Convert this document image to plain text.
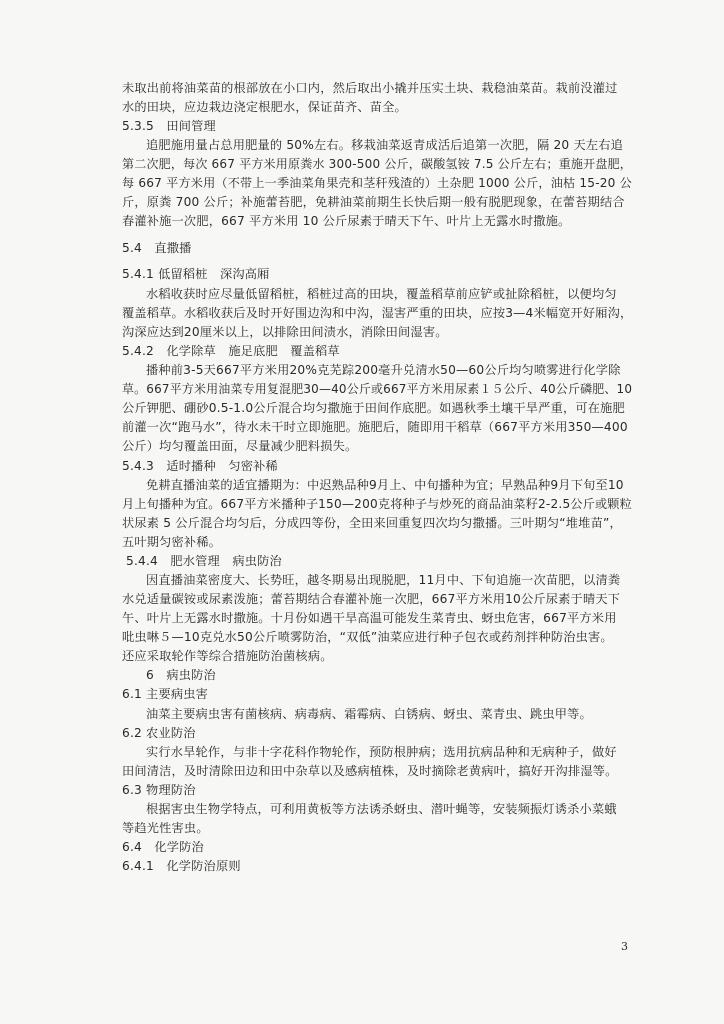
未取出前将油菜苗的根部放在小口内，然后取出小撬并压实土块、栽稳油菜苗。栽前没灌过
水的田块，应边栽边浇定根肥水，保证苗齐、苗全。
5.3.5　田间管理
追肥施用量占总用肥量的 50%左右。移栽油菜返青成活后追第一次肥，隔 20 天左右追
第二次肥，每次 667 平方米用原粪水 300-500 公斤，碳酸氢铵 7.5 公斤左右；重施开盘肥，
每 667 平方米用（不带上一季油菜角果壳和茎秆残渣的）土杂肥 1000 公斤，油枯 15-20 公
斤，原粪 700 公斤；补施蕾苔肥，免耕油菜前期生长快后期一般有脱肥现象，在蕾苔期结合
春灌补施一次肥，667 平方米用 10 公斤尿素于晴天下午、叶片上无露水时撒施。
5.4　直撒播
5.4.1 低留稻桩　深沟高厢
水稻收获时应尽量低留稻桩，稻桩过高的田块，覆盖稻草前应铲或扯除稻桩，以便均匀
覆盖稻草。水稻收获后及时开好围边沟和中沟，湿害严重的田块，应按3—4米幅宽开好厢沟，
沟深应达到20厘米以上，以排除田间渍水，消除田间湿害。
5.4.2　化学除草　施足底肥　覆盖稻草
播种前3-5天667平方米用20%克芜踪200毫升兑清水50—60公斤均匀喷雾进行化学除
草。667平方米用油菜专用复混肥30—40公斤或667平方米用尿素１５公斤、40公斤磷肥、10
公斤钾肥、硼砂0.5-1.0公斤混合均匀撒施于田间作底肥。如遇秋季土壤干旱严重，可在施肥
前灌一次“跑马水”，待水未干时立即施肥。施肥后，随即用干稻草（667平方米用350—400
公斤）均匀覆盖田面，尽量减少肥料损失。
5.4.3　适时播种　匀密补稀
免耕直播油菜的适宜播期为：中迟熟品种9月上、中旬播种为宜；早熟品种9月下旬至10
月上旬播种为宜。667平方米播种子150—200克将种子与炒死的商品油菜籽2-2.5公斤或颗粒
状尿素 5 公斤混合均匀后，分成四等份，全田来回重复四次均匀撒播。三叶期匀“堆堆苗”，
五叶期匀密补稀。
5.4.4　肥水管理　病虫防治
因直播油菜密度大、长势旺，越冬期易出现脱肥，11月中、下旬追施一次苗肥，以清粪
水兑适量碳铵或尿素泼施；蕾苔期结合春灌补施一次肥，667平方米用10公斤尿素于晴天下
午、叶片上无露水时撒施。十月份如遇干旱高温可能发生菜青虫、蚜虫危害，667平方米用
吡虫啉５—10克兑水50公斤喷雾防治，“双低”油菜应进行种子包衣或药剂拌种防治虫害。
还应采取轮作等综合措施防治菌核病。
6　病虫防治
6.1 主要病虫害
油菜主要病虫害有菌核病、病毒病、霜霉病、白锈病、蚜虫、菜青虫、跳虫甲等。
6.2 农业防治
实行水旱轮作，与非十字花科作物轮作，预防根肿病；选用抗病品种和无病种子，做好
田间清洁，及时清除田边和田中杂草以及感病植株，及时摘除老黄病叶，搞好开沟排湿等。
6.3 物理防治
根据害虫生物学特点，可利用黄板等方法诱杀蚜虫、潜叶蝇等，安装频振灯诱杀小菜蛾
等趋光性害虫。
6.4　化学防治
6.4.1　化学防治原则
3
